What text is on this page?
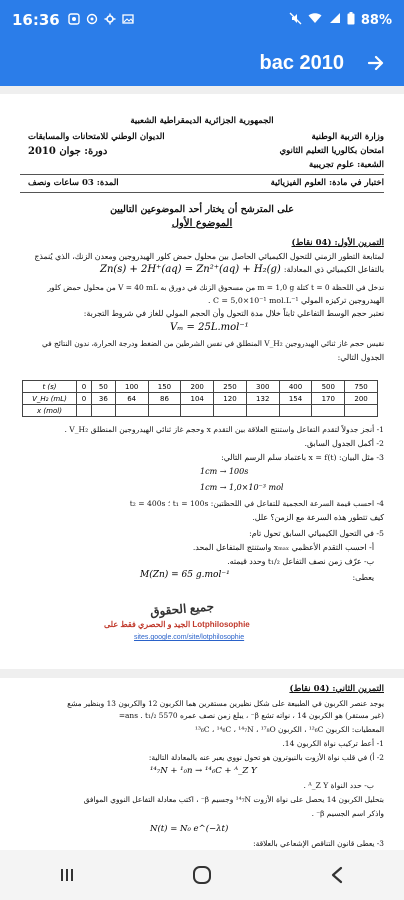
16:36	88%
bac 2010
الجمهورية الجزائرية الديمقراطية الشعبية
وزارة التربية الوطنية
الديوان الوطني للامتحانات والمسابقات
امتحان بكالوريا التعليم الثانوي
دورة: جوان 2010
الشعبة: علوم تجريبية
اختبار في مادة: العلوم الفيزيائية
المدة: 03 ساعات ونصف
على المترشح أن يختار أحد الموضوعين التاليين
الموضوع الأول
التمرين الأول: (04 نقاط)
لمتابعة التطور الزمني للتحول الكيميائي الحاصل بين محلول حمض كلور الهيدروجين ومعدن الزنك، الذي يُنمذج
بالتفاعل الكيميائي ذي المعادلة:
Zn(s) + 2H⁺(aq) = Zn²⁺(aq) + H₂(g)
ندخل في اللحظة t = 0 كتلة m = 1,0 g من مسحوق الزنك في دورق به V = 40 mL من محلول حمض كلور
الهيدروجين تركيزه المولي C = 5,0×10⁻¹ mol.L⁻¹ .
نعتبر حجم الوسط التفاعلي ثابتاً خلال مدة التحول وأن الحجم المولي للغاز في شروط التجربة:
Vₘ = 25L.mol⁻¹
نقيس حجم غاز ثنائي الهيدروجين V_H₂ المنطلق في نفس الشرطين من الضغط ودرجة الحرارة، ندون النتائج في
الجدول التالي:
t (s)	0	50	100	150	200	250	300	400	500	750
V_H₂ (mL)	0	36	64	86	104	120	132	154	170	200
x (mol)										
1- أنجز جدولاً لتقدم التفاعل واستنتج العلاقة بين التقدم x وحجم غاز ثنائي الهيدروجين المنطلق V_H₂ .
2- أكمل الجدول السابق.
3- مثل البيان: x = f(t) باعتماد سلم الرسم التالي:
1cm → 100s
1cm → 1,0×10⁻³ mol
4- احسب قيمة السرعة الحجمية للتفاعل في اللحظتين: t₁ = 100s ؛ t₂ = 400s
كيف تتطور هذه السرعة مع الزمن؟ علل.
5- في التحول الكيميائي السابق تحول تام:
أ- احسب التقدم الأعظمي xₘₐₓ واستنتج المتفاعل المحد.
ب- عرّف زمن نصف التفاعل t₁/₂ وحدد قيمته.
يعطى:
M(Zn) = 65 g.mol⁻¹
جميع الحقوق
الجيد و الحصري فقط على Lotphilosophie
sites.google.com/site/lotphilosophie
التمرين الثاني: (04 نقاط)
يوجد عنصر الكربون في الطبيعة على شكل نظيرين مستقرين هما الكربون 12 والكربون 13 وبنظير مشع
(غير مستقر) هو الكربون 14 ، نواته تشع β⁻ ، يبلغ زمن نصف عمره 5570 ans . t₁/₂=
المعطيات: الكربون ¹²₆C ، الكربون ¹³₆C ، ¹⁴₆C ، ¹⁴₇N ، ¹⁷₈O
1- أعط تركيب نواة الكربون 14.
2- أ) في قلب نواة الأزوت بالنيوترون هو تحول نووي يعبر عنه بالمعادلة التالية:
¹⁴₇N + ¹₀n → ¹⁴₆C + ᴬ_Z Y
ب- حدد النواة ᴬ_Z Y .
بتحليل الكربون 14 يحصل على نواة الأزوت ¹⁴₇N وجسيم β⁻ ، اكتب معادلة التفاعل النووي الموافق
واذكر اسم الجسيم β⁻ .
N(t) = N₀ e^(−λt)
3- يعطى قانون التناقص الإشعاعي بالعلاقة:
